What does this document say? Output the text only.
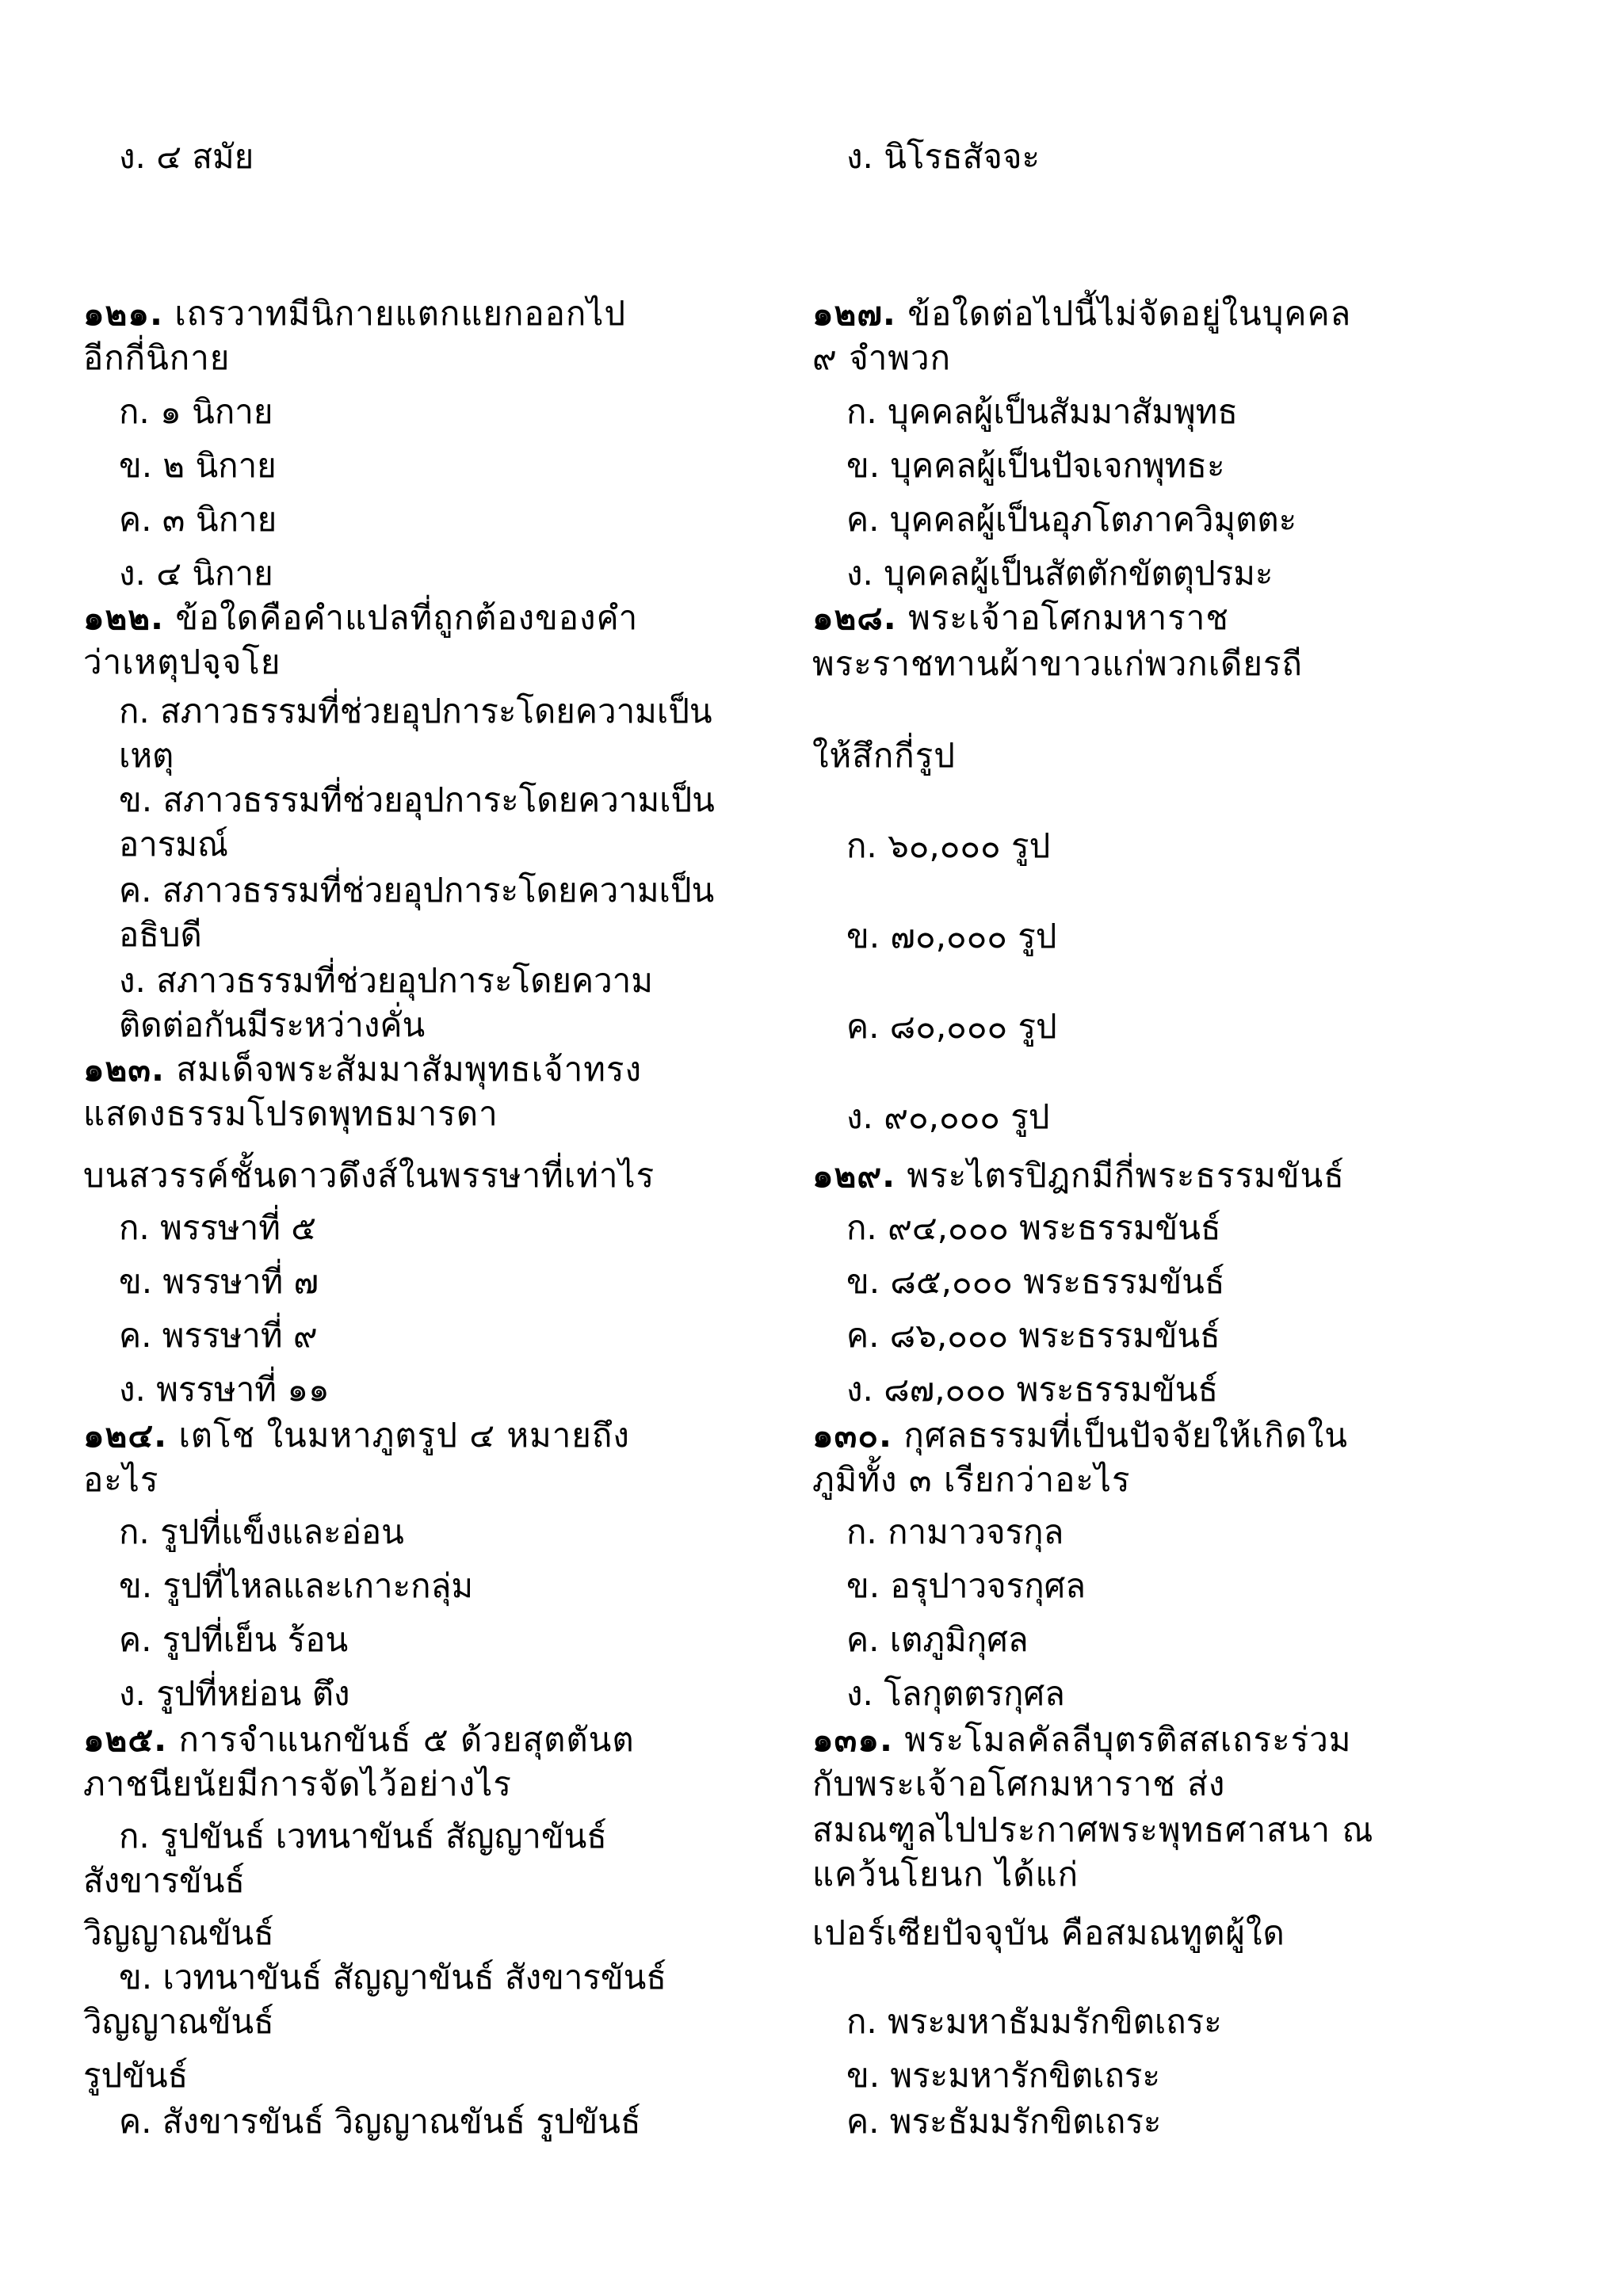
ง. ๔ สมัย
๑๒๑. เถรวาทมีนิกายแตกแยกออกไป
อีกกี่นิกาย
ก. ๑ นิกาย
ข. ๒ นิกาย
ค. ๓ นิกาย
ง. ๔ นิกาย
๑๒๒. ข้อใดคือคำแปลที่ถูกต้องของคำ
ว่าเหตุปจฺจโย
ก. สภาวธรรมที่ช่วยอุปการะโดยความเป็น
เหตุ
ข. สภาวธรรมที่ช่วยอุปการะโดยความเป็น
อารมณ์
ค. สภาวธรรมที่ช่วยอุปการะโดยความเป็น
อธิบดี
ง. สภาวธรรมที่ช่วยอุปการะโดยความ
ติดต่อกันมีระหว่างคั่น
๑๒๓. สมเด็จพระสัมมาสัมพุทธเจ้าทรง
แสดงธรรมโปรดพุทธมารดา
บนสวรรค์ชั้นดาวดึงส์ในพรรษาที่เท่าไร
ก. พรรษาที่ ๕
ข. พรรษาที่ ๗
ค. พรรษาที่ ๙
ง. พรรษาที่ ๑๑
๑๒๔. เตโช ในมหาภูตรูป ๔ หมายถึง
อะไร
ก. รูปที่แข็งและอ่อน
ข. รูปที่ไหลและเกาะกลุ่ม
ค. รูปที่เย็น ร้อน
ง. รูปที่หย่อน ตึง
๑๒๕. การจำแนกขันธ์ ๕ ด้วยสุตตันต
ภาชนียนัยมีการจัดไว้อย่างไร
ก. รูปขันธ์ เวทนาขันธ์ สัญญาขันธ์
สังขารขันธ์
วิญญาณขันธ์
ข. เวทนาขันธ์ สัญญาขันธ์ สังขารขันธ์
วิญญาณขันธ์
รูปขันธ์
ค. สังขารขันธ์ วิญญาณขันธ์ รูปขันธ์
ง. นิโรธสัจจะ
๑๒๗. ข้อใดต่อไปนี้ไม่จัดอยู่ในบุคคล
๙ จำพวก
ก. บุคคลผู้เป็นสัมมาสัมพุทธ
ข. บุคคลผู้เป็นปัจเจกพุทธะ
ค. บุคคลผู้เป็นอุภโตภาควิมุตตะ
ง. บุคคลผู้เป็นสัตตักขัตตุปรมะ
๑๒๘. พระเจ้าอโศกมหาราช
พระราชทานผ้าขาวแก่พวกเดียรถี
ให้สึกกี่รูป
ก. ๖๐,๐๐๐ รูป
ข. ๗๐,๐๐๐ รูป
ค. ๘๐,๐๐๐ รูป
ง. ๙๐,๐๐๐ รูป
๑๒๙. พระไตรปิฎกมีกี่พระธรรมขันธ์
ก. ๙๔,๐๐๐ พระธรรมขันธ์
ข. ๘๕,๐๐๐ พระธรรมขันธ์
ค. ๘๖,๐๐๐ พระธรรมขันธ์
ง. ๘๗,๐๐๐ พระธรรมขันธ์
๑๓๐. กุศลธรรมที่เป็นปัจจัยให้เกิดใน
ภูมิทั้ง ๓ เรียกว่าอะไร
ก. กามาวจรกุล
ข. อรุปาวจรกุศล
ค. เตภูมิกุศล
ง. โลกุตตรกุศล
๑๓๑. พระโมลคัลลีบุตรติสสเถระร่วม
กับพระเจ้าอโศกมหาราช ส่ง
สมณฑูลไปประกาศพระพุทธศาสนา ณ
แคว้นโยนก ได้แก่
เปอร์เซียปัจจุบัน คือสมณทูตผู้ใด
ก. พระมหาธัมมรักขิตเถระ
ข. พระมหารักขิตเถระ
ค. พระธัมมรักขิตเถระ
